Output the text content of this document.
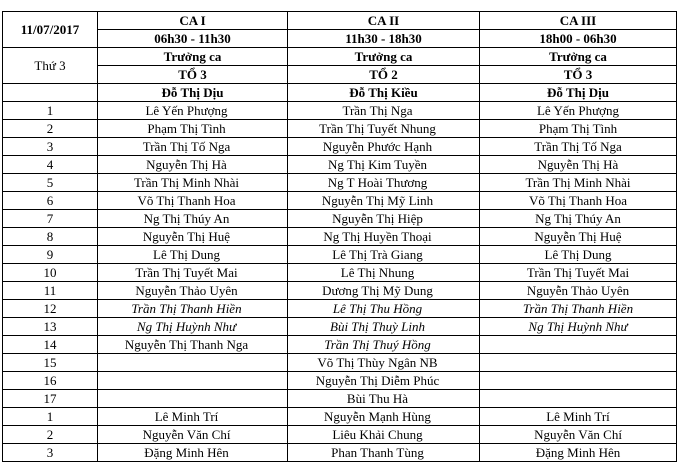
11/07/2017	CA I	CA II	CA III
	06h30 - 11h30	11h30 - 18h30	18h00 - 06h30
Thứ 3	Trưởng ca	Trưởng ca	Trưởng ca
	TỔ 3	TỔ 2	TỔ 3
	Đỗ Thị Dịu	Đỗ Thị Kiều	Đỗ Thị Dịu
1	Lê Yến Phượng	Trần Thị Nga	Lê Yến Phượng
2	Phạm Thị Tình	Trần Thị Tuyết Nhung	Phạm Thị Tình
3	Trần Thị Tố Nga	Nguyễn Phước Hạnh	Trần Thị Tố Nga
4	Nguyễn Thị Hà	Ng Thị Kim Tuyền	Nguyễn Thị Hà
5	Trần Thị Minh Nhài	Ng T Hoài Thương	Trần Thị Minh Nhài
6	Võ Thị Thanh Hoa	Nguyễn Thị Mỹ Linh	Võ Thị Thanh Hoa
7	Ng Thị Thúy An	Nguyễn Thị Hiệp	Ng Thị Thúy An
8	Nguyễn Thị Huệ	Ng Thị Huyền Thoại	Nguyễn Thị Huệ
9	Lê Thị Dung	Lê Thị Trà Giang	Lê Thị Dung
10	Trần Thị Tuyết Mai	Lê Thị Nhung	Trần Thị Tuyết Mai
11	Nguyễn Thảo Uyên	Dương Thị Mỹ Dung	Nguyễn Thảo Uyên
12	Trần Thị Thanh Hiền	Lê Thị Thu Hồng	Trần Thị Thanh Hiền
13	Ng Thị Huỳnh Như	Bùi Thị Thuỳ Linh	Ng Thị Huỳnh Như
14	Nguyễn Thị Thanh Nga	Trần Thị Thuý Hồng	
15		Võ Thị Thùy Ngân NB	
16		Nguyễn Thị Diễm Phúc	
17		Bùi Thu Hà	
1	Lê Minh Trí	Nguyễn Mạnh Hùng	Lê Minh Trí
2	Nguyễn Văn Chí	Liêu Khải Chung	Nguyễn Văn Chí
3	Đặng Minh Hên	Phan Thanh Tùng	Đặng Minh Hên
